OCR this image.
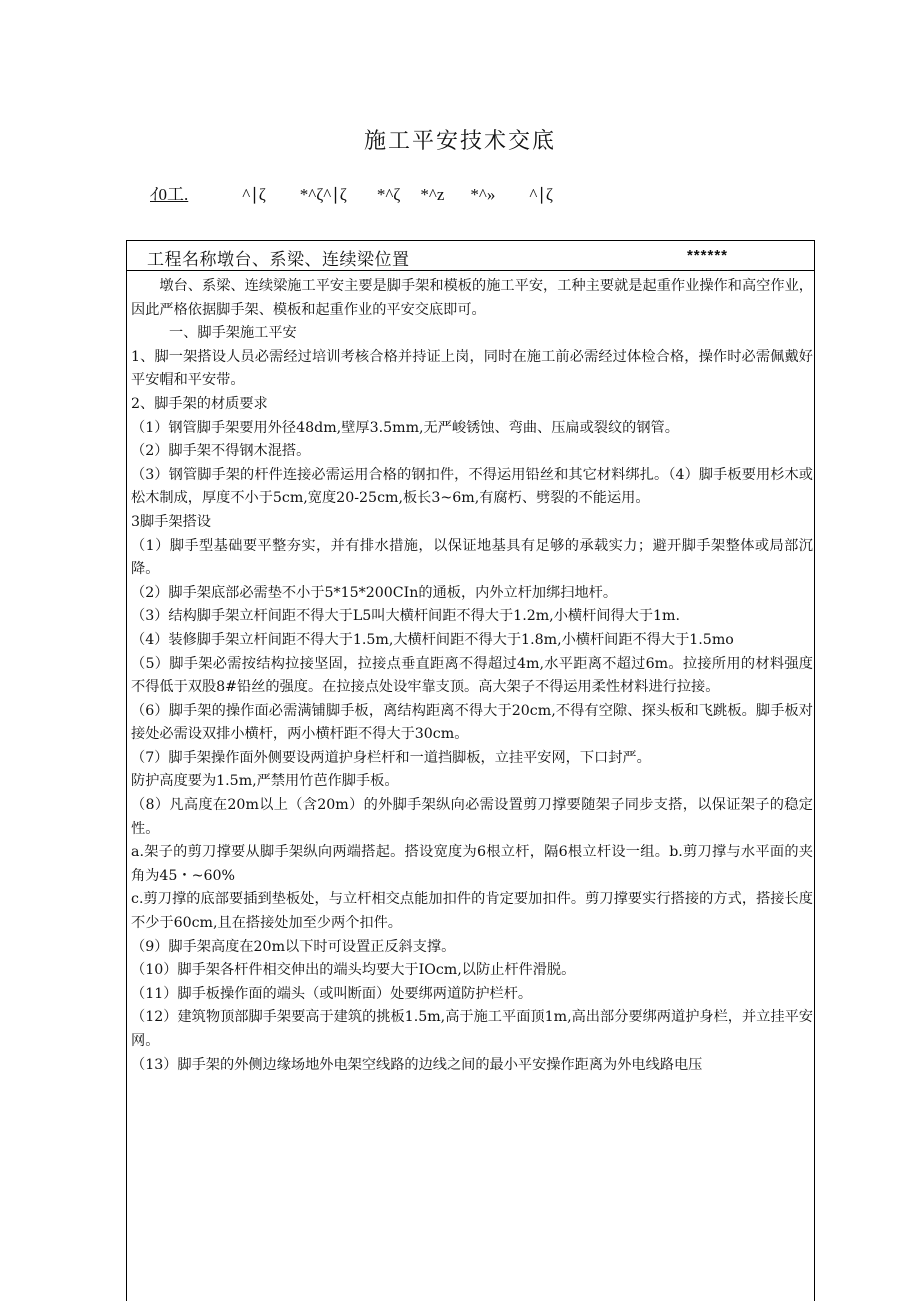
施工平安技术交底
ｲ0工.	^∣ζ *^ζ^∣ζ *^ζ *^z *^» ^∣ζ
工程名称墩台、系梁、连续梁位置	******

墩台、系梁、连续梁施工平安主要是脚手架和模板的施工平安，工种主要就是起重作业操作和高空作业，因此严格依据脚手架、模板和起重作业的平安交底即可。

一、脚手架施工平安

1、脚一架搭设人员必需经过培训考核合格并持证上岗，同时在施工前必需经过体检合格，操作时必需佩戴好平安帽和平安带。

2、脚手架的材质要求

（1）钢管脚手架要用外径48dm,壁厚3.5mm,无严峻锈蚀、弯曲、压扁或裂纹的钢管。

（2）脚手架不得钢木混搭。

（3）钢管脚手架的杆件连接必需运用合格的钢扣件，不得运用铅丝和其它材料绑扎。（4）脚手板要用杉木或松木制成，厚度不小于5cm,宽度20-25cm,板长3~6m,有腐朽、劈裂的不能运用。

3脚手架搭设

（1）脚手型基础要平整夯实，并有排水措施，以保证地基具有足够的承载实力；避开脚手架整体或局部沉降。

（2）脚手架底部必需垫不小于5*15*200CIn的通板，内外立杆加绑扫地杆。

（3）结构脚手架立杆间距不得大于L5叫大横杆间距不得大于1.2m,小横杆间得大于1m.

（4）装修脚手架立杆间距不得大于1.5m,大横杆间距不得大于1.8m,小横杆间距不得大于1.5mo

（5）脚手架必需按结构拉接坚固，拉接点垂直距离不得超过4m,水平距离不超过6m。拉接所用的材料强度不得低于双股8#铅丝的强度。在拉接点处设牢靠支顶。高大架子不得运用柔性材料进行拉接。

（6）脚手架的操作面必需满铺脚手板，离结构距离不得大于20cm,不得有空隙、探头板和飞跳板。脚手板对接处必需设双排小横杆，两小横杆距不得大于30cm。

（7）脚手架操作面外侧要设两道护身栏杆和一道挡脚板，立挂平安网，下口封严。

防护高度要为1.5m,严禁用竹芭作脚手板。

（8）凡高度在20m以上（含20m）的外脚手架纵向必需设置剪刀撑要随架子同步支搭，以保证架子的稳定性。

a.架子的剪刀撑要从脚手架纵向两端搭起。搭设宽度为6根立杆，隔6根立杆设一组。b.剪刀撑与水平面的夹角为45・~60%

c.剪刀撑的底部要插到垫板处，与立杆相交点能加扣件的肯定要加扣件。剪刀撑要实行搭接的方式，搭接长度不少于60cm,且在搭接处加至少两个扣件。

（9）脚手架高度在20m以下时可设置正反斜支撑。

（10）脚手架各杆件相交伸出的端头均要大于IOcm,以防止杆件滑脱。

（11）脚手板操作面的端头（或叫断面）处要绑两道防护栏杆。

（12）建筑物顶部脚手架要高于建筑的挑板1.5m,高于施工平面顶1m,高出部分要绑两道护身栏，并立挂平安网。

（13）脚手架的外侧边缘场地外电架空线路的边线之间的最小平安操作距离为外电线路电压
